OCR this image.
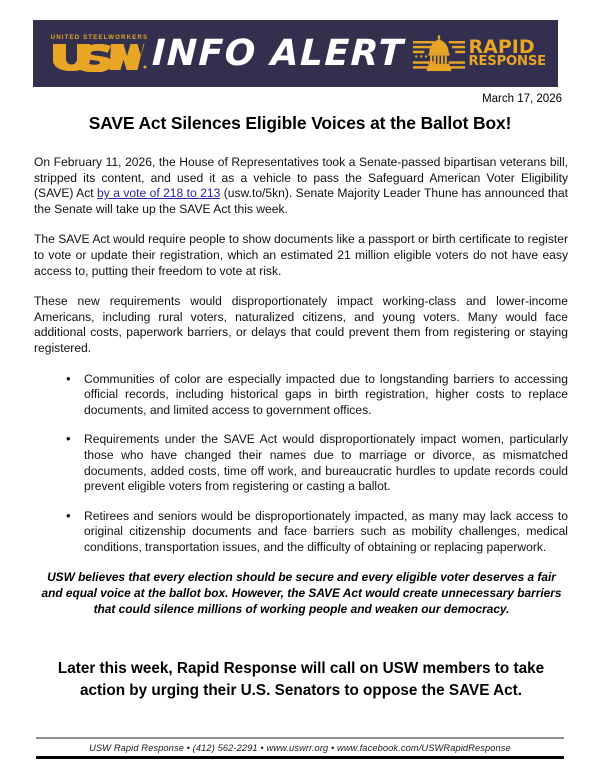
UNITED STEELWORKERS INFO ALERT	RAPID
RESPONSE
March 17, 2026
SAVE Act Silences Eligible Voices at the Ballot Box!

On February 11, 2026, the House of Representatives took a Senate-passed bipartisan veterans bill, stripped its content, and used it as a vehicle to pass the Safeguard American Voter Eligibility (SAVE) Act by a vote of 218 to 213 (usw.to/5kn). Senate Majority Leader Thune has announced that the Senate will take up the SAVE Act this week.

The SAVE Act would require people to show documents like a passport or birth certificate to register to vote or update their registration, which an estimated 21 million eligible voters do not have easy access to, putting their freedom to vote at risk.

These new requirements would disproportionately impact working-class and lower-income Americans, including rural voters, naturalized citizens, and young voters. Many would face additional costs, paperwork barriers, or delays that could prevent them from registering or staying registered.

• Communities of color are especially impacted due to longstanding barriers to accessing official records, including historical gaps in birth registration, higher costs to replace documents, and limited access to government offices.
• Requirements under the SAVE Act would disproportionately impact women, particularly those who have changed their names due to marriage or divorce, as mismatched documents, added costs, time off work, and bureaucratic hurdles to update records could prevent eligible voters from registering or casting a ballot.
• Retirees and seniors would be disproportionately impacted, as many may lack access to original citizenship documents and face barriers such as mobility challenges, medical conditions, transportation issues, and the difficulty of obtaining or replacing paperwork.
USW believes that every election should be secure and every eligible voter deserves a fair and equal voice at the ballot box. However, the SAVE Act would create unnecessary barriers that could silence millions of working people and weaken our democracy.
Later this week, Rapid Response will call on USW members to take action by urging their U.S. Senators to oppose the SAVE Act.
USW Rapid Response • (412) 562-2291 • www.uswrr.org • www.facebook.com/USWRapidResponse
